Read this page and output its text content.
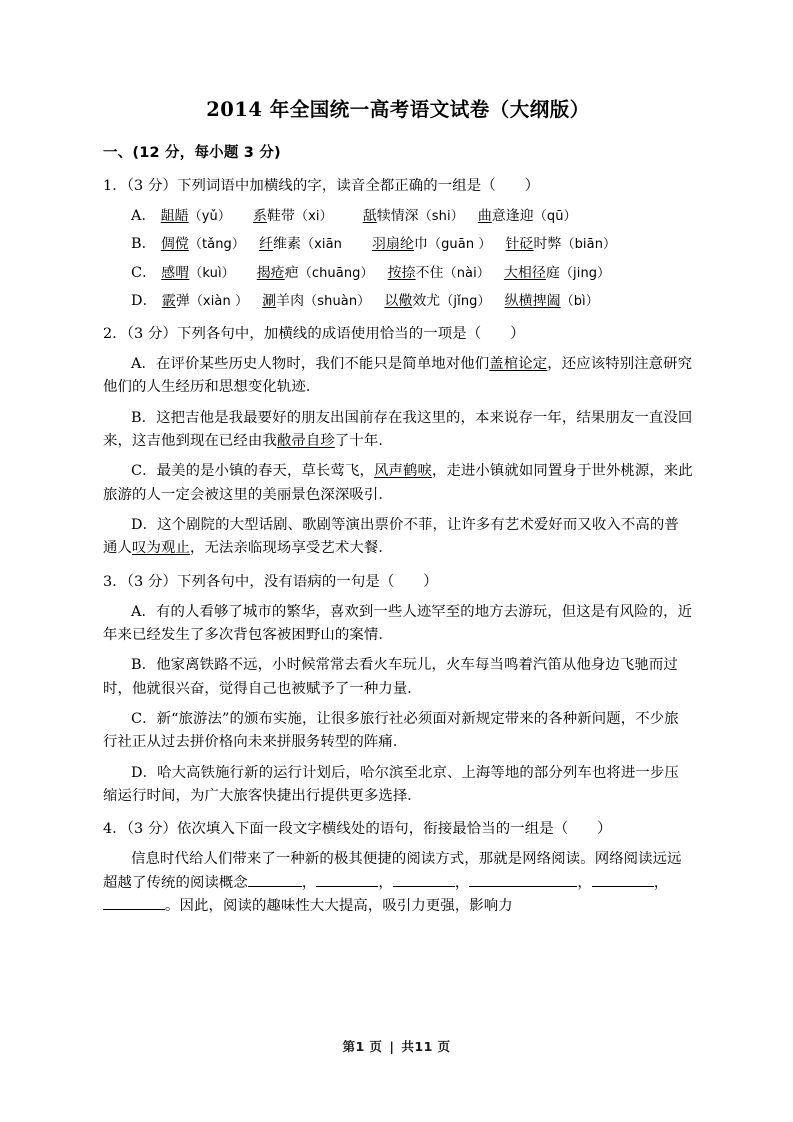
2014 年全国统一高考语文试卷（大纲版）

一、(12 分，每小题 3 分)

1．（3 分）下列词语中加横线的字，读音全都正确的一组是（　　）

A． 龃龉（yǔ） 系鞋带（xi） 舐犊情深（shi） 曲意逢迎（qū）

B． 倜傥（tǎng） 纤维素（xiān 羽扇纶巾（guān ） 针砭时弊（biān）

C． 感喟（kuì） 揭疮疤（chuāng） 按捺不住（nài） 大相径庭（jing）

D． 霰弹（xiàn ） 涮羊肉（shuàn） 以儆效尤（jǐng） 纵横捭阖（bì）

2．（3 分）下列各句中，加横线的成语使用恰当的一项是（　　）

A．在评价某些历史人物时，我们不能只是简单地对他们盖棺论定，还应该特别注意研究他们的人生经历和思想变化轨迹．

B．这把吉他是我最要好的朋友出国前存在我这里的，本来说存一年，结果朋友一直没回来，这吉他到现在已经由我敝帚自珍了十年．

C．最美的是小镇的春天，草长莺飞，风声鹤唳，走进小镇就如同置身于世外桃源，来此旅游的人一定会被这里的美丽景色深深吸引．

D．这个剧院的大型话剧、歌剧等演出票价不菲，让许多有艺术爱好而又收入不高的普通人叹为观止，无法亲临现场享受艺术大餐．

3．（3 分）下列各句中，没有语病的一句是（　　）

A．有的人看够了城市的繁华，喜欢到一些人迹罕至的地方去游玩，但这是有风险的，近年来已经发生了多次背包客被困野山的案情．

B．他家离铁路不远，小时候常常去看火车玩儿，火车每当鸣着汽笛从他身边飞驰而过时，他就很兴奋，觉得自己也被赋予了一种力量．

C．新“旅游法”的颁布实施，让很多旅行社必须面对新规定带来的各种新问题，不少旅行社正从过去拼价格向未来拼服务转型的阵痛．

D．哈大高铁施行新的运行计划后，哈尔滨至北京、上海等地的部分列车也将进一步压缩运行时间，为广大旅客快捷出行提供更多选择．

4．（3 分）依次填入下面一段文字横线处的语句，衔接最恰当的一组是（　　）

信息时代给人们带来了一种新的极其便捷的阅读方式，那就是网络阅读。网络阅读远远超越了传统的阅读概念	，	，	，	，	，。因此，阅读的趣味性大大提高，吸引力更强，影响力

第1 页 | 共11 页
